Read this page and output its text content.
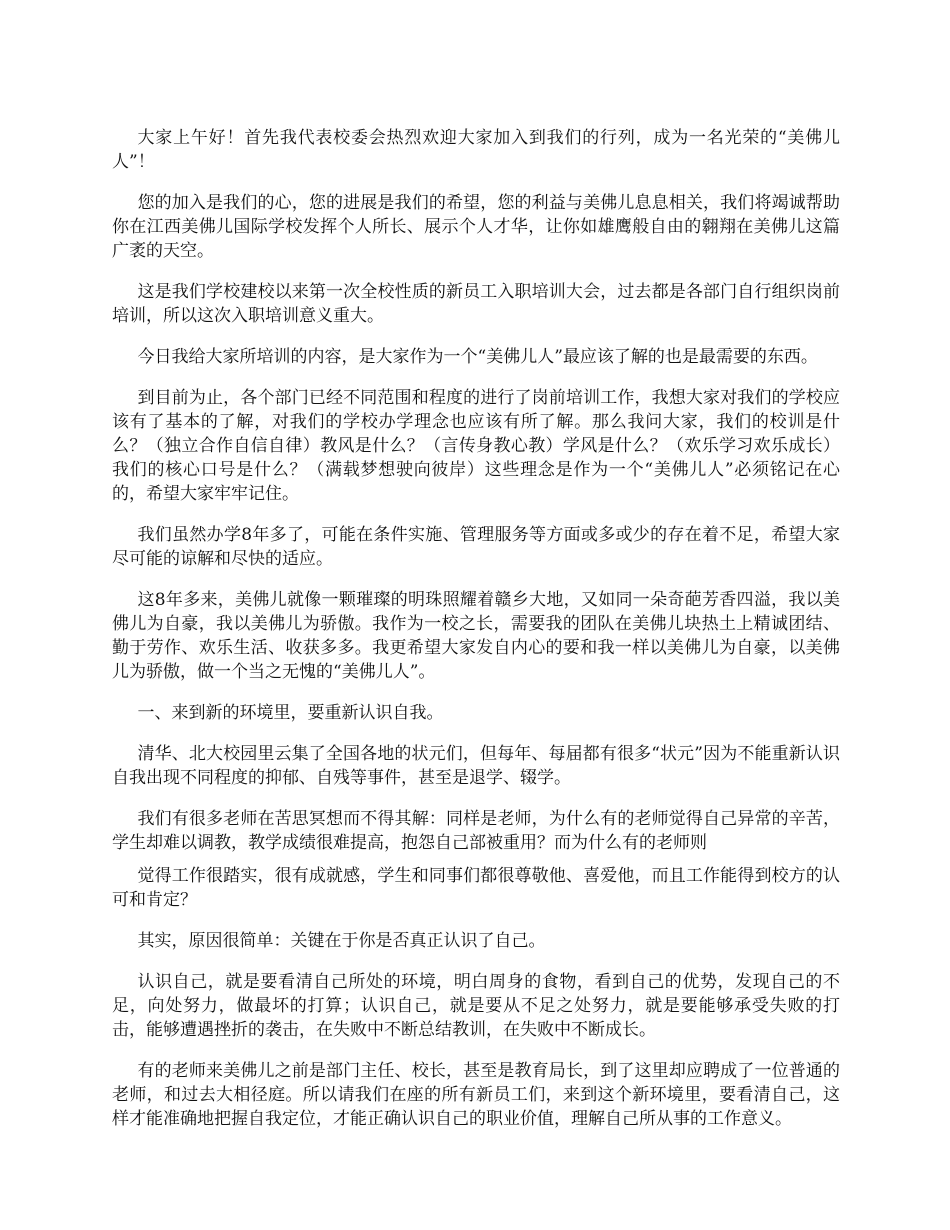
大家上午好！首先我代表校委会热烈欢迎大家加入到我们的行列，成为一名光荣的“美佛儿人”！

您的加入是我们的心，您的进展是我们的希望，您的利益与美佛儿息息相关，我们将竭诚帮助你在江西美佛儿国际学校发挥个人所长、展示个人才华，让你如雄鹰般自由的翱翔在美佛儿这篇广袤的天空。

这是我们学校建校以来第一次全校性质的新员工入职培训大会，过去都是各部门自行组织岗前培训，所以这次入职培训意义重大。

今日我给大家所培训的内容，是大家作为一个“美佛儿人”最应该了解的也是最需要的东西。

到目前为止，各个部门已经不同范围和程度的进行了岗前培训工作，我想大家对我们的学校应该有了基本的了解，对我们的学校办学理念也应该有所了解。那么我问大家，我们的校训是什么？（独立合作自信自律）教风是什么？（言传身教心教）学风是什么？（欢乐学习欢乐成长）我们的核心口号是什么？（满载梦想驶向彼岸）这些理念是作为一个“美佛儿人”必须铭记在心的，希望大家牢牢记住。

我们虽然办学8年多了，可能在条件实施、管理服务等方面或多或少的存在着不足，希望大家尽可能的谅解和尽快的适应。

这8年多来，美佛儿就像一颗璀璨的明珠照耀着赣乡大地，又如同一朵奇葩芳香四溢，我以美佛儿为自豪，我以美佛儿为骄傲。我作为一校之长，需要我的团队在美佛儿块热土上精诚团结、勤于劳作、欢乐生活、收获多多。我更希望大家发自内心的要和我一样以美佛儿为自豪，以美佛儿为骄傲，做一个当之无愧的“美佛儿人”。

一、来到新的环境里，要重新认识自我。

清华、北大校园里云集了全国各地的状元们，但每年、每届都有很多“状元”因为不能重新认识自我出现不同程度的抑郁、自残等事件，甚至是退学、辍学。

我们有很多老师在苦思冥想而不得其解：同样是老师，为什么有的老师觉得自己异常的辛苦，学生却难以调教，教学成绩很难提高，抱怨自己部被重用？而为什么有的老师则

觉得工作很踏实，很有成就感，学生和同事们都很尊敬他、喜爱他，而且工作能得到校方的认可和肯定？

其实，原因很简单：关键在于你是否真正认识了自己。

认识自己，就是要看清自己所处的环境，明白周身的食物，看到自己的优势，发现自己的不足，向处努力，做最坏的打算；认识自己，就是要从不足之处努力，就是要能够承受失败的打击，能够遭遇挫折的袭击，在失败中不断总结教训，在失败中不断成长。

有的老师来美佛儿之前是部门主任、校长，甚至是教育局长，到了这里却应聘成了一位普通的老师，和过去大相径庭。所以请我们在座的所有新员工们，来到这个新环境里，要看清自己，这样才能准确地把握自我定位，才能正确认识自己的职业价值，理解自己所从事的工作意义。
